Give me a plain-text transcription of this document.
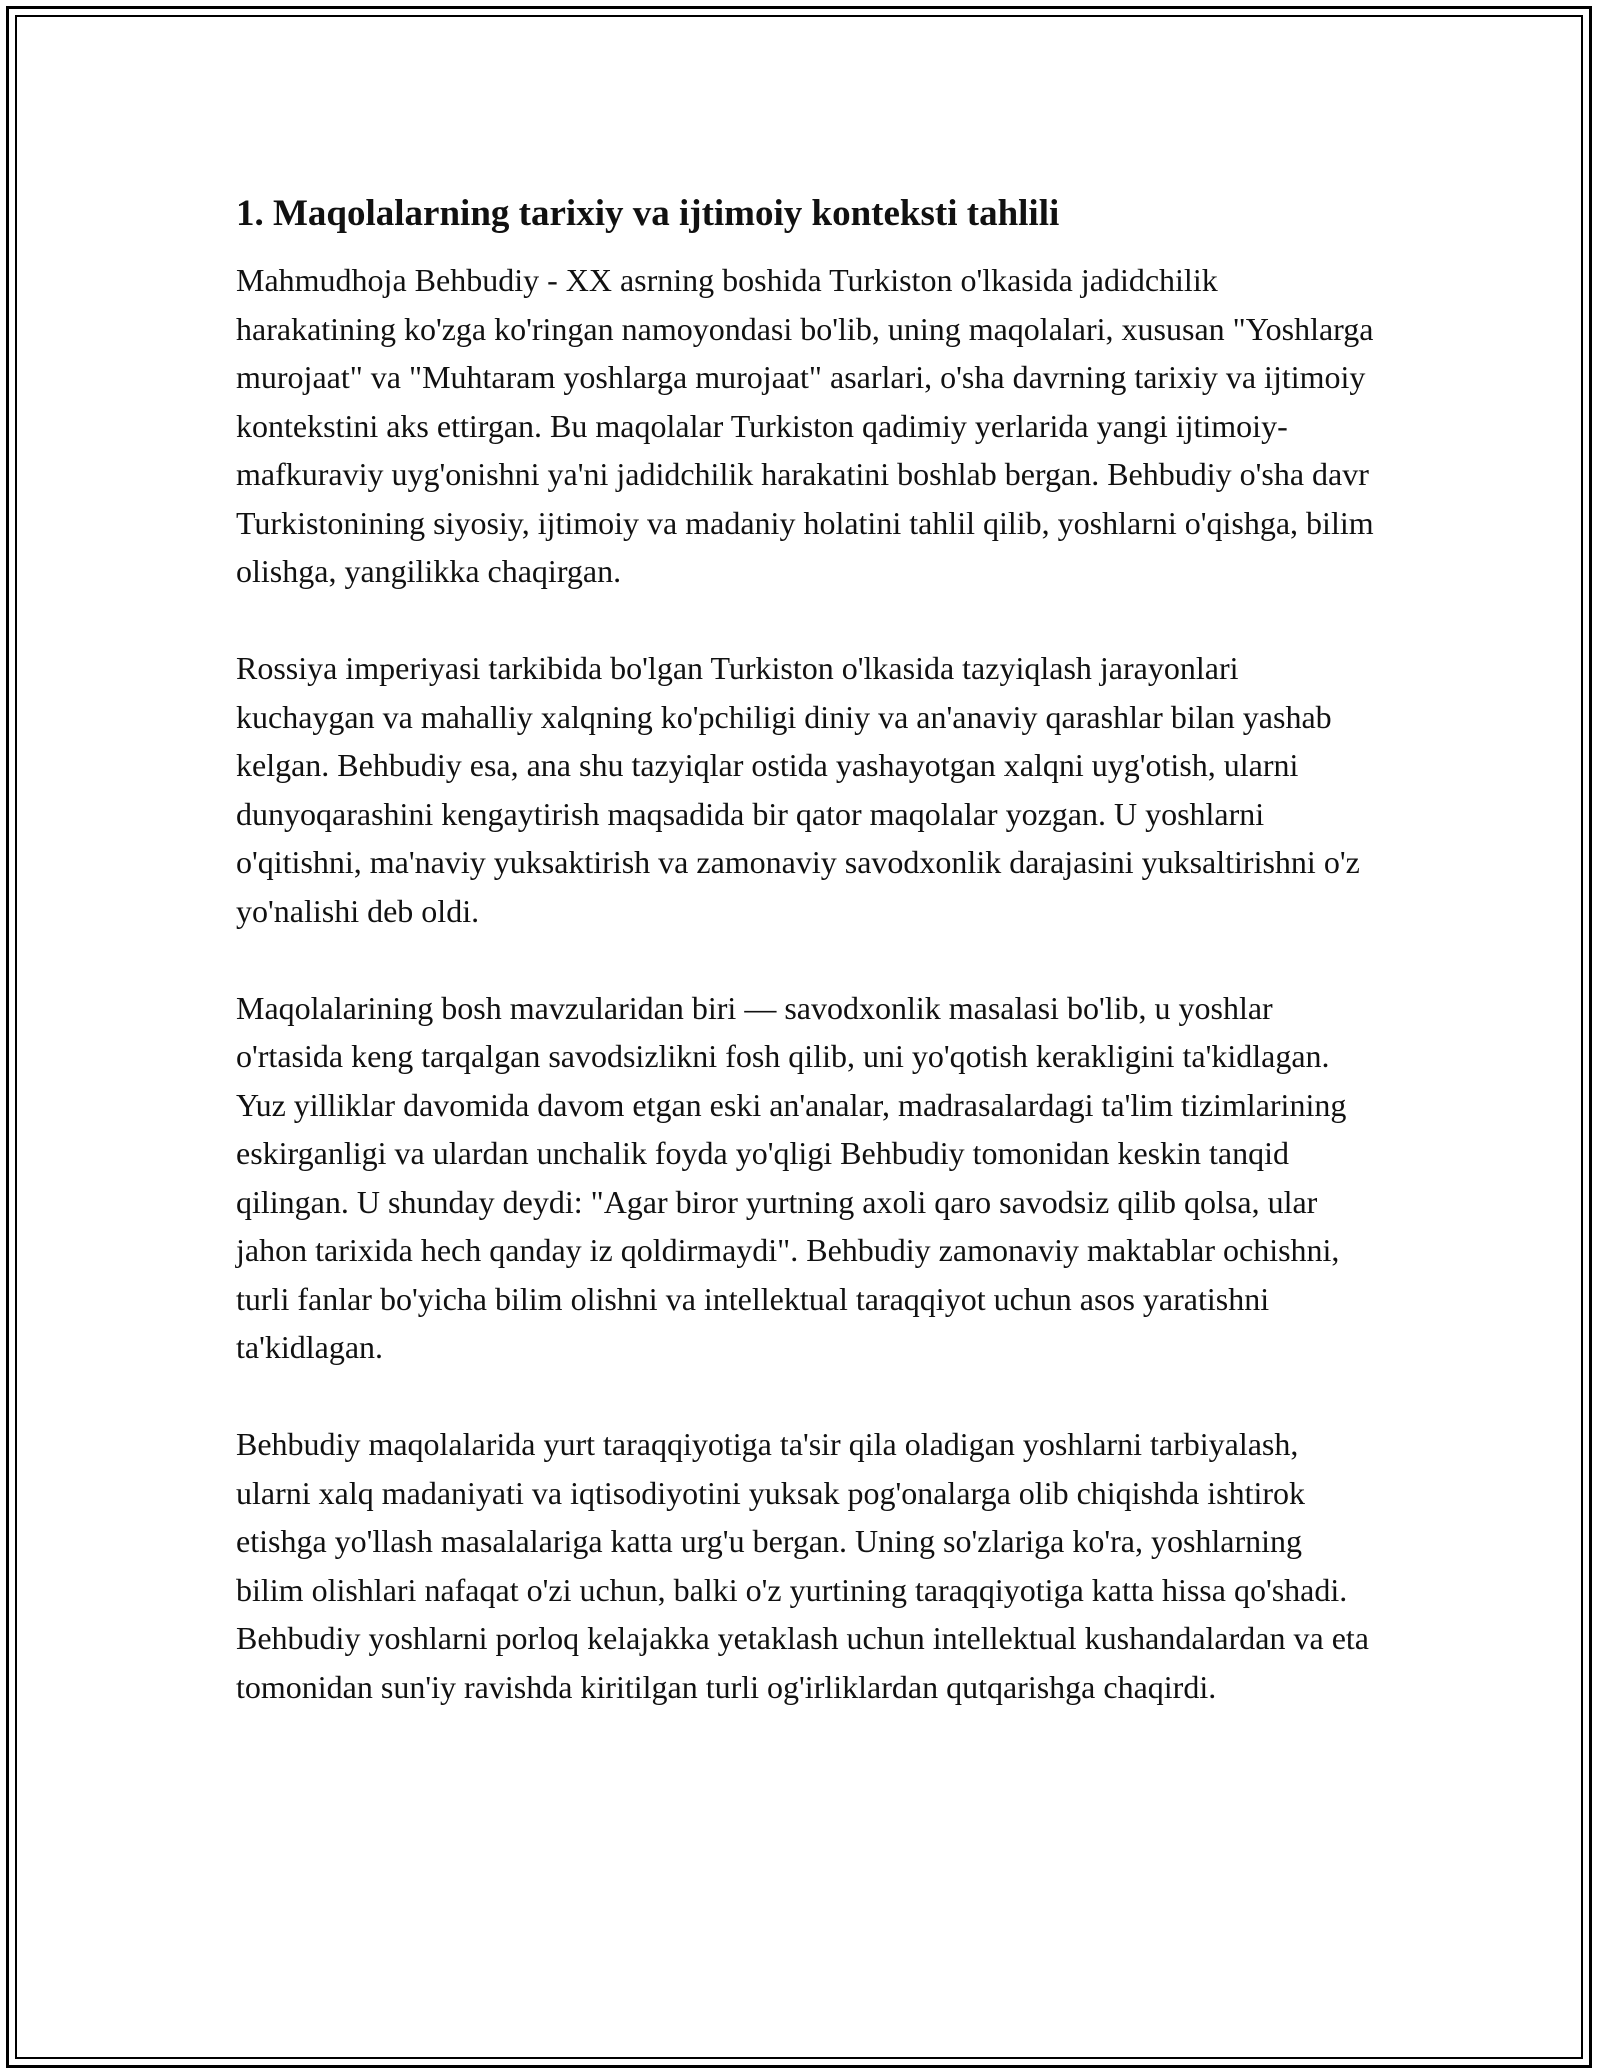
1. Maqolalarning tarixiy va ijtimoiy konteksti tahlili

Mahmudhoja Behbudiy - XX asrning boshida Turkiston o'lkasida jadidchilik harakatining ko'zga ko'ringan namoyondasi bo'lib, uning maqolalari, xususan "Yoshlarga murojaat" va "Muhtaram yoshlarga murojaat" asarlari, o'sha davrning tarixiy va ijtimoiy kontekstini aks ettirgan. Bu maqolalar Turkiston qadimiy yerlarida yangi ijtimoiy-mafkuraviy uyg'onishni ya'ni jadidchilik harakatini boshlab bergan. Behbudiy o'sha davr Turkistonining siyosiy, ijtimoiy va madaniy holatini tahlil qilib, yoshlarni o'qishga, bilim olishga, yangilikka chaqirgan.

Rossiya imperiyasi tarkibida bo'lgan Turkiston o'lkasida tazyiqlash jarayonlari kuchaygan va mahalliy xalqning ko'pchiligi diniy va an'anaviy qarashlar bilan yashab kelgan. Behbudiy esa, ana shu tazyiqlar ostida yashayotgan xalqni uyg'otish, ularni dunyoqarashini kengaytirish maqsadida bir qator maqolalar yozgan. U yoshlarni o'qitishni, ma'naviy yuksaktirish va zamonaviy savodxonlik darajasini yuksaltirishni o'z yo'nalishi deb oldi.

Maqolalarining bosh mavzularidan biri — savodxonlik masalasi bo'lib, u yoshlar o'rtasida keng tarqalgan savodsizlikni fosh qilib, uni yo'qotish kerakligini ta'kidlagan. Yuz yilliklar davomida davom etgan eski an'analar, madrasalardagi ta'lim tizimlarining eskirganligi va ulardan unchalik foyda yo'qligi Behbudiy tomonidan keskin tanqid qilingan. U shunday deydi: "Agar biror yurtning axoli qaro savodsiz qilib qolsa, ular jahon tarixida hech qanday iz qoldirmaydi". Behbudiy zamonaviy maktablar ochishni, turli fanlar bo'yicha bilim olishni va intellektual taraqqiyot uchun asos yaratishni ta'kidlagan.

Behbudiy maqolalarida yurt taraqqiyotiga ta'sir qila oladigan yoshlarni tarbiyalash, ularni xalq madaniyati va iqtisodiyotini yuksak pog'onalarga olib chiqishda ishtirok etishga yo'llash masalalariga katta urg'u bergan. Uning so'zlariga ko'ra, yoshlarning bilim olishlari nafaqat o'zi uchun, balki o'z yurtining taraqqiyotiga katta hissa qo'shadi. Behbudiy yoshlarni porloq kelajakka yetaklash uchun intellektual kushandalardan va eta tomonidan sun'iy ravishda kiritilgan turli og'irliklardan qutqarishga chaqirdi.
